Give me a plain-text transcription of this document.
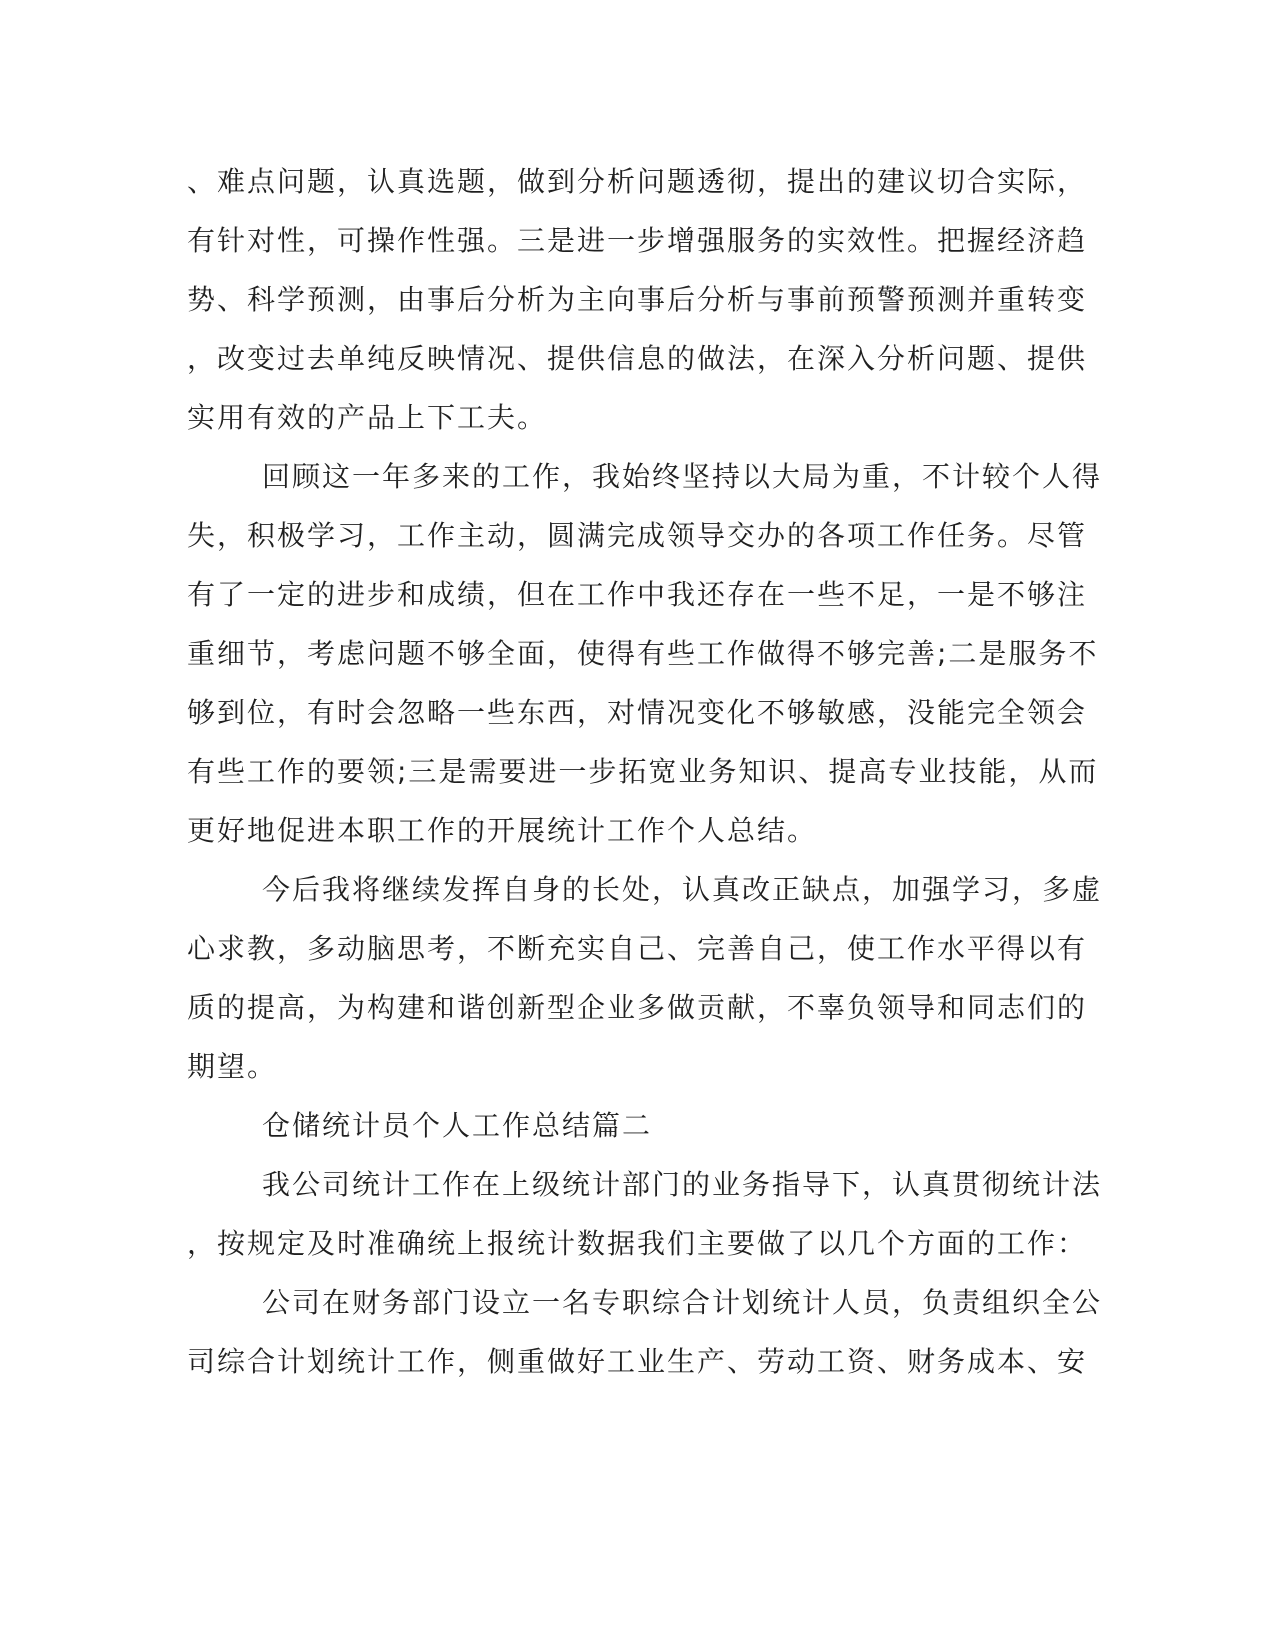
、难点问题，认真选题，做到分析问题透彻，提出的建议切合实际，
有针对性，可操作性强。三是进一步增强服务的实效性。把握经济趋
势、科学预测，由事后分析为主向事后分析与事前预警预测并重转变
，改变过去单纯反映情况、提供信息的做法，在深入分析问题、提供
实用有效的产品上下工夫。
回顾这一年多来的工作，我始终坚持以大局为重，不计较个人得
失，积极学习，工作主动，圆满完成领导交办的各项工作任务。尽管
有了一定的进步和成绩，但在工作中我还存在一些不足，一是不够注
重细节，考虑问题不够全面，使得有些工作做得不够完善;二是服务不
够到位，有时会忽略一些东西，对情况变化不够敏感，没能完全领会
有些工作的要领;三是需要进一步拓宽业务知识、提高专业技能，从而
更好地促进本职工作的开展统计工作个人总结。
今后我将继续发挥自身的长处，认真改正缺点，加强学习，多虚
心求教，多动脑思考，不断充实自己、完善自己，使工作水平得以有
质的提高，为构建和谐创新型企业多做贡献，不辜负领导和同志们的
期望。
仓储统计员个人工作总结篇二
我公司统计工作在上级统计部门的业务指导下，认真贯彻统计法
，按规定及时准确统上报统计数据我们主要做了以几个方面的工作：
公司在财务部门设立一名专职综合计划统计人员，负责组织全公
司综合计划统计工作，侧重做好工业生产、劳动工资、财务成本、安
